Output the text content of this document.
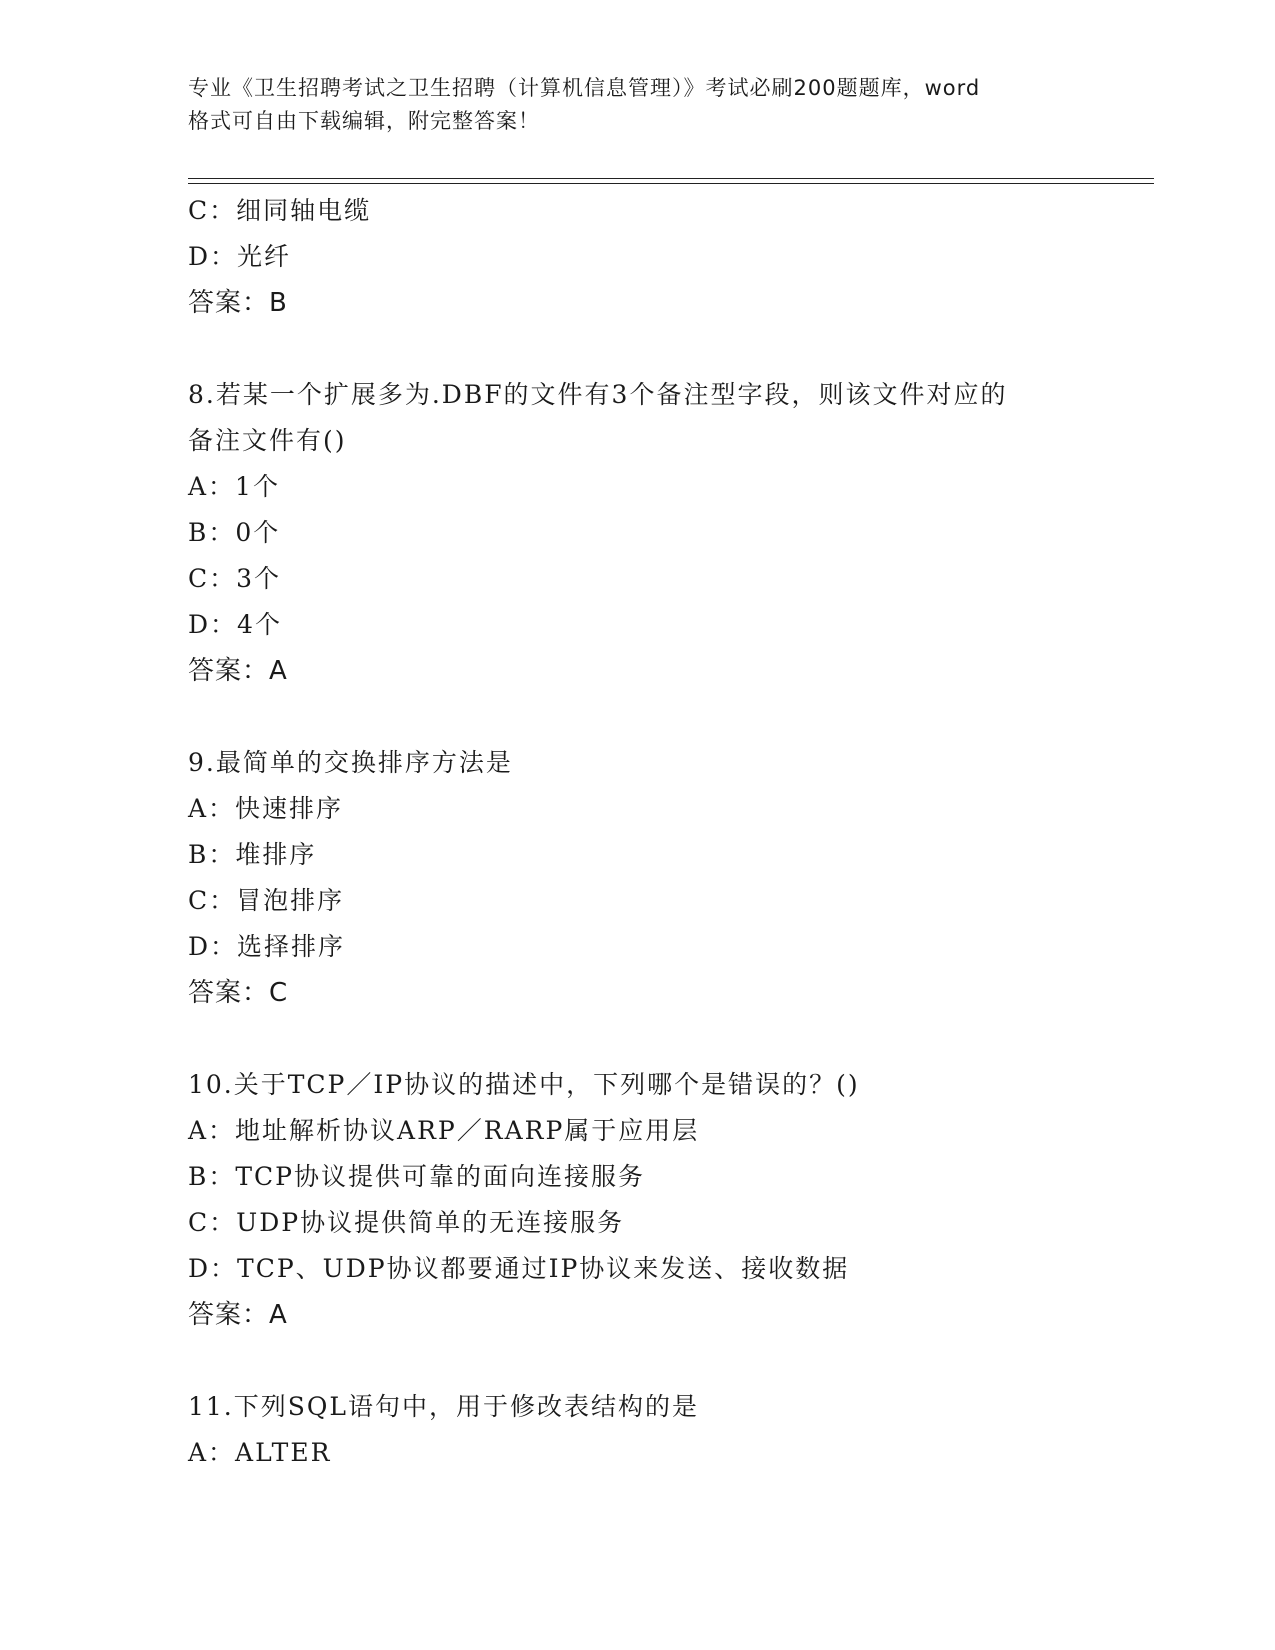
专业《卫生招聘考试之卫生招聘（计算机信息管理）》考试必刷200题题库，word
格式可自由下载编辑，附完整答案！
C：细同轴电缆
D：光纤
答案：B
8.若某一个扩展多为.DBF的文件有3个备注型字段，则该文件对应的
备注文件有()
A：1个
B：0个
C：3个
D：4个
答案：A
9.最简单的交换排序方法是
A：快速排序
B：堆排序
C：冒泡排序
D：选择排序
答案：C
10.关于TCP／IP协议的描述中，下列哪个是错误的？()
A：地址解析协议ARP／RARP属于应用层
B：TCP协议提供可靠的面向连接服务
C：UDP协议提供简单的无连接服务
D：TCP、UDP协议都要通过IP协议来发送、接收数据
答案：A
11.下列SQL语句中，用于修改表结构的是
A：ALTER
